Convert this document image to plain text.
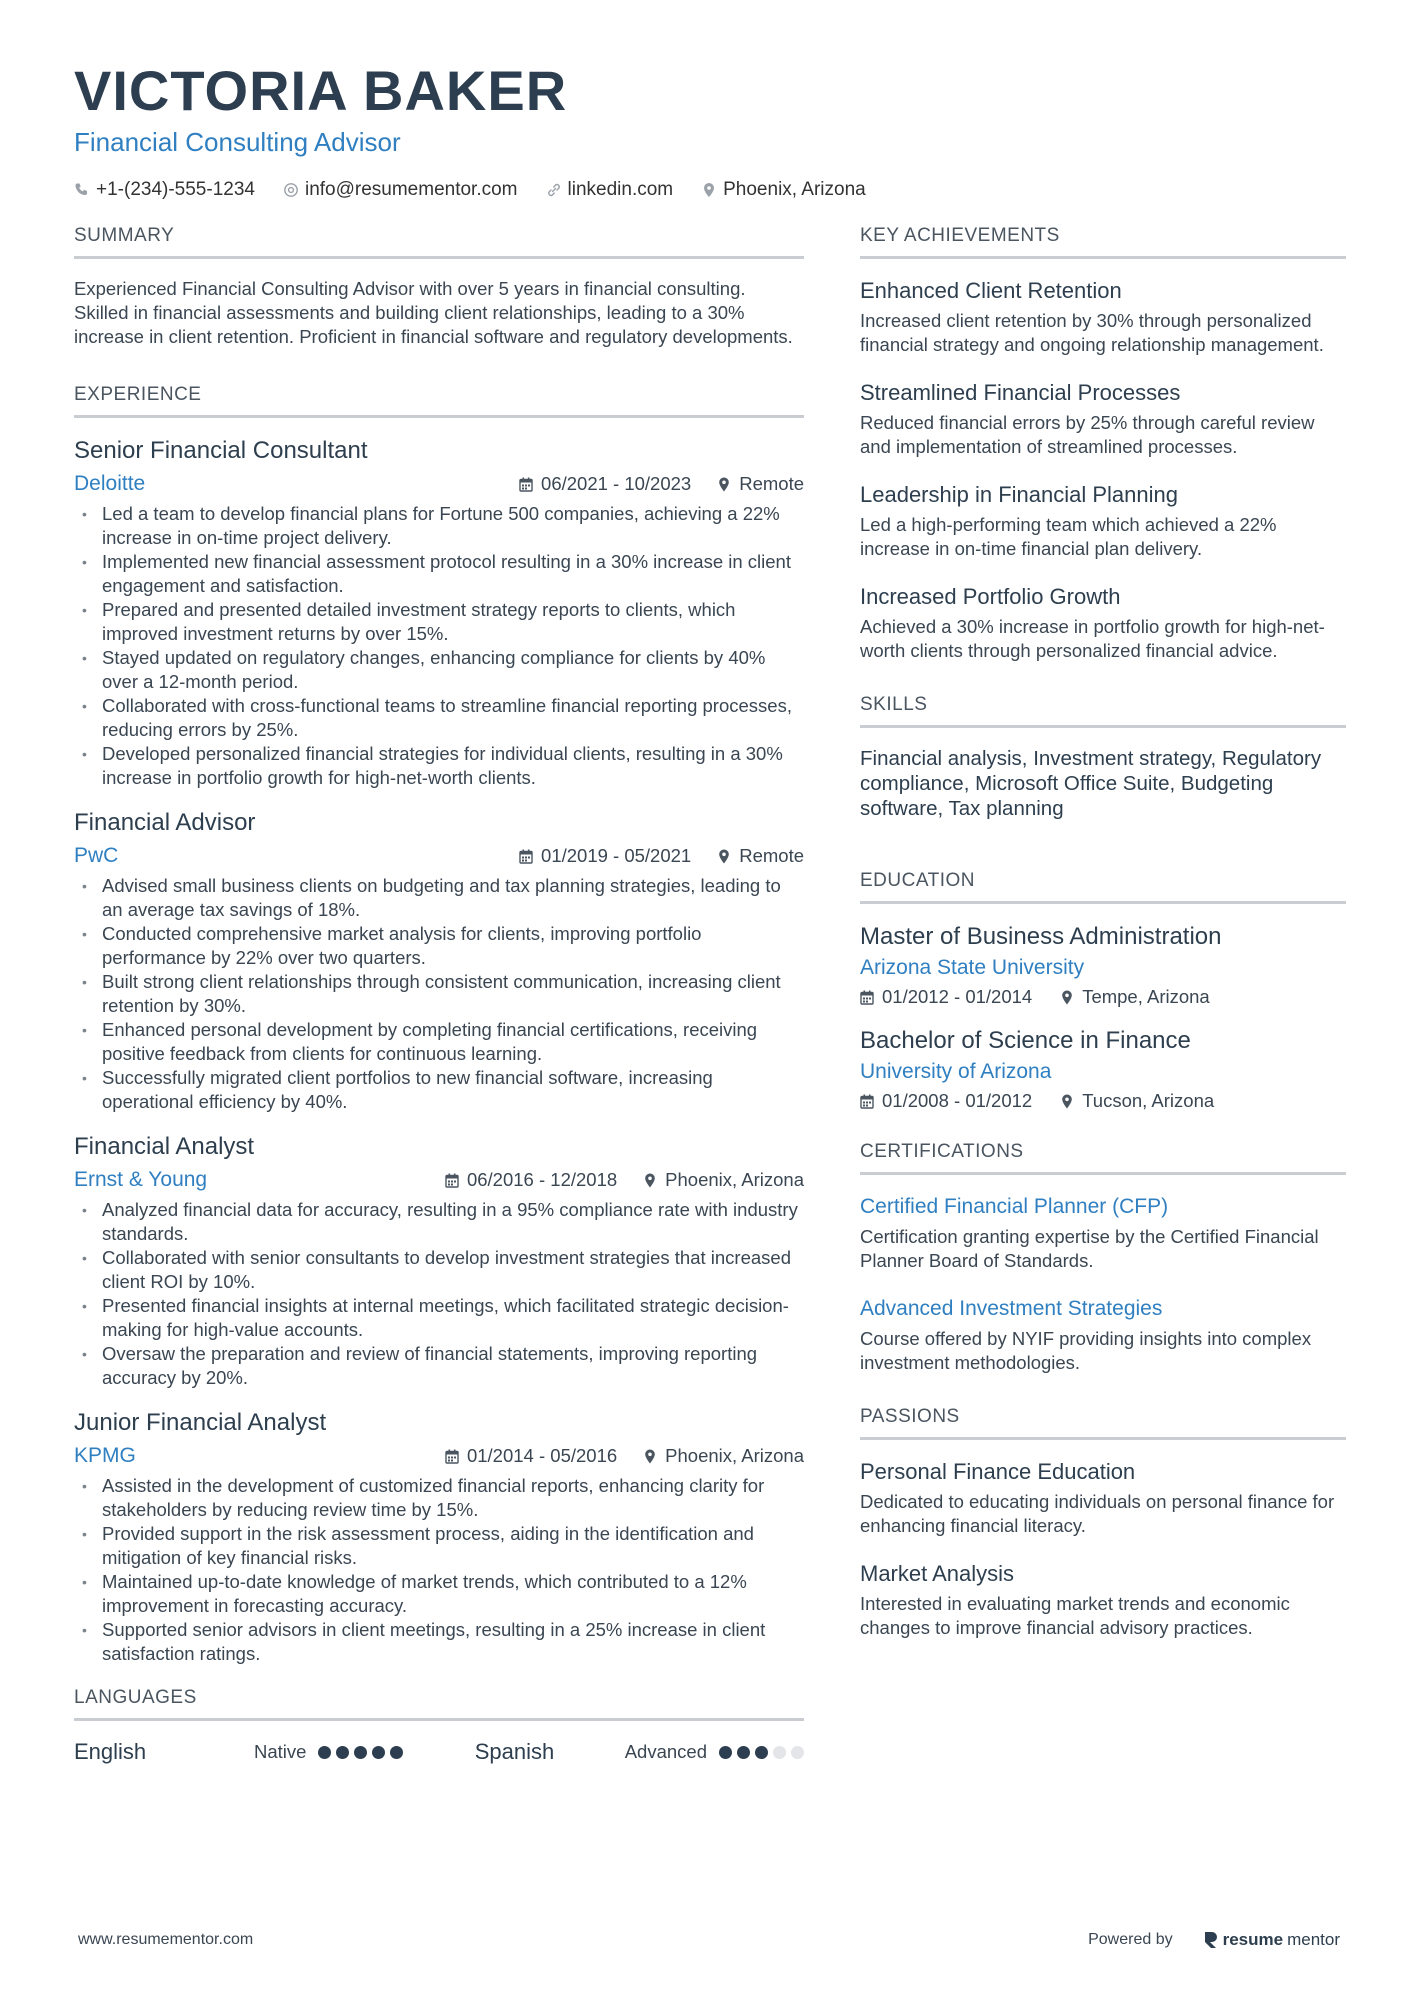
VICTORIA BAKER
Financial Consulting Advisor
+1-(234)-555-1234	info@resumementor.com	linkedin.com	Phoenix, Arizona
SUMMARY
Experienced Financial Consulting Advisor with over 5 years in financial consulting. Skilled in financial assessments and building client relationships, leading to a 30% increase in client retention. Proficient in financial software and regulatory developments.
EXPERIENCE
Senior Financial Consultant
Deloitte	06/2021 - 10/2023	Remote
• Led a team to develop financial plans for Fortune 500 companies, achieving a 22% increase in on-time project delivery.
• Implemented new financial assessment protocol resulting in a 30% increase in client engagement and satisfaction.
• Prepared and presented detailed investment strategy reports to clients, which improved investment returns by over 15%.
• Stayed updated on regulatory changes, enhancing compliance for clients by 40% over a 12-month period.
• Collaborated with cross-functional teams to streamline financial reporting processes, reducing errors by 25%.
• Developed personalized financial strategies for individual clients, resulting in a 30% increase in portfolio growth for high-net-worth clients.
Financial Advisor
PwC	01/2019 - 05/2021	Remote
• Advised small business clients on budgeting and tax planning strategies, leading to an average tax savings of 18%.
• Conducted comprehensive market analysis for clients, improving portfolio performance by 22% over two quarters.
• Built strong client relationships through consistent communication, increasing client retention by 30%.
• Enhanced personal development by completing financial certifications, receiving positive feedback from clients for continuous learning.
• Successfully migrated client portfolios to new financial software, increasing operational efficiency by 40%.
Financial Analyst
Ernst & Young	06/2016 - 12/2018	Phoenix, Arizona
• Analyzed financial data for accuracy, resulting in a 95% compliance rate with industry standards.
• Collaborated with senior consultants to develop investment strategies that increased client ROI by 10%.
• Presented financial insights at internal meetings, which facilitated strategic decision-making for high-value accounts.
• Oversaw the preparation and review of financial statements, improving reporting accuracy by 20%.
Junior Financial Analyst
KPMG	01/2014 - 05/2016	Phoenix, Arizona
• Assisted in the development of customized financial reports, enhancing clarity for stakeholders by reducing review time by 15%.
• Provided support in the risk assessment process, aiding in the identification and mitigation of key financial risks.
• Maintained up-to-date knowledge of market trends, which contributed to a 12% improvement in forecasting accuracy.
• Supported senior advisors in client meetings, resulting in a 25% increase in client satisfaction ratings.
LANGUAGES
English	Native	Spanish	Advanced
KEY ACHIEVEMENTS
Enhanced Client Retention
Increased client retention by 30% through personalized financial strategy and ongoing relationship management.
Streamlined Financial Processes
Reduced financial errors by 25% through careful review and implementation of streamlined processes.
Leadership in Financial Planning
Led a high-performing team which achieved a 22% increase in on-time financial plan delivery.
Increased Portfolio Growth
Achieved a 30% increase in portfolio growth for high-net-worth clients through personalized financial advice.
SKILLS
Financial analysis, Investment strategy, Regulatory compliance, Microsoft Office Suite, Budgeting software, Tax planning
EDUCATION
Master of Business Administration
Arizona State University
01/2012 - 01/2014	Tempe, Arizona
Bachelor of Science in Finance
University of Arizona
01/2008 - 01/2012	Tucson, Arizona
CERTIFICATIONS
Certified Financial Planner (CFP)
Certification granting expertise by the Certified Financial Planner Board of Standards.
Advanced Investment Strategies
Course offered by NYIF providing insights into complex investment methodologies.
PASSIONS
Personal Finance Education
Dedicated to educating individuals on personal finance for enhancing financial literacy.
Market Analysis
Interested in evaluating market trends and economic changes to improve financial advisory practices.
www.resumementor.com	Powered by	resume mentor
